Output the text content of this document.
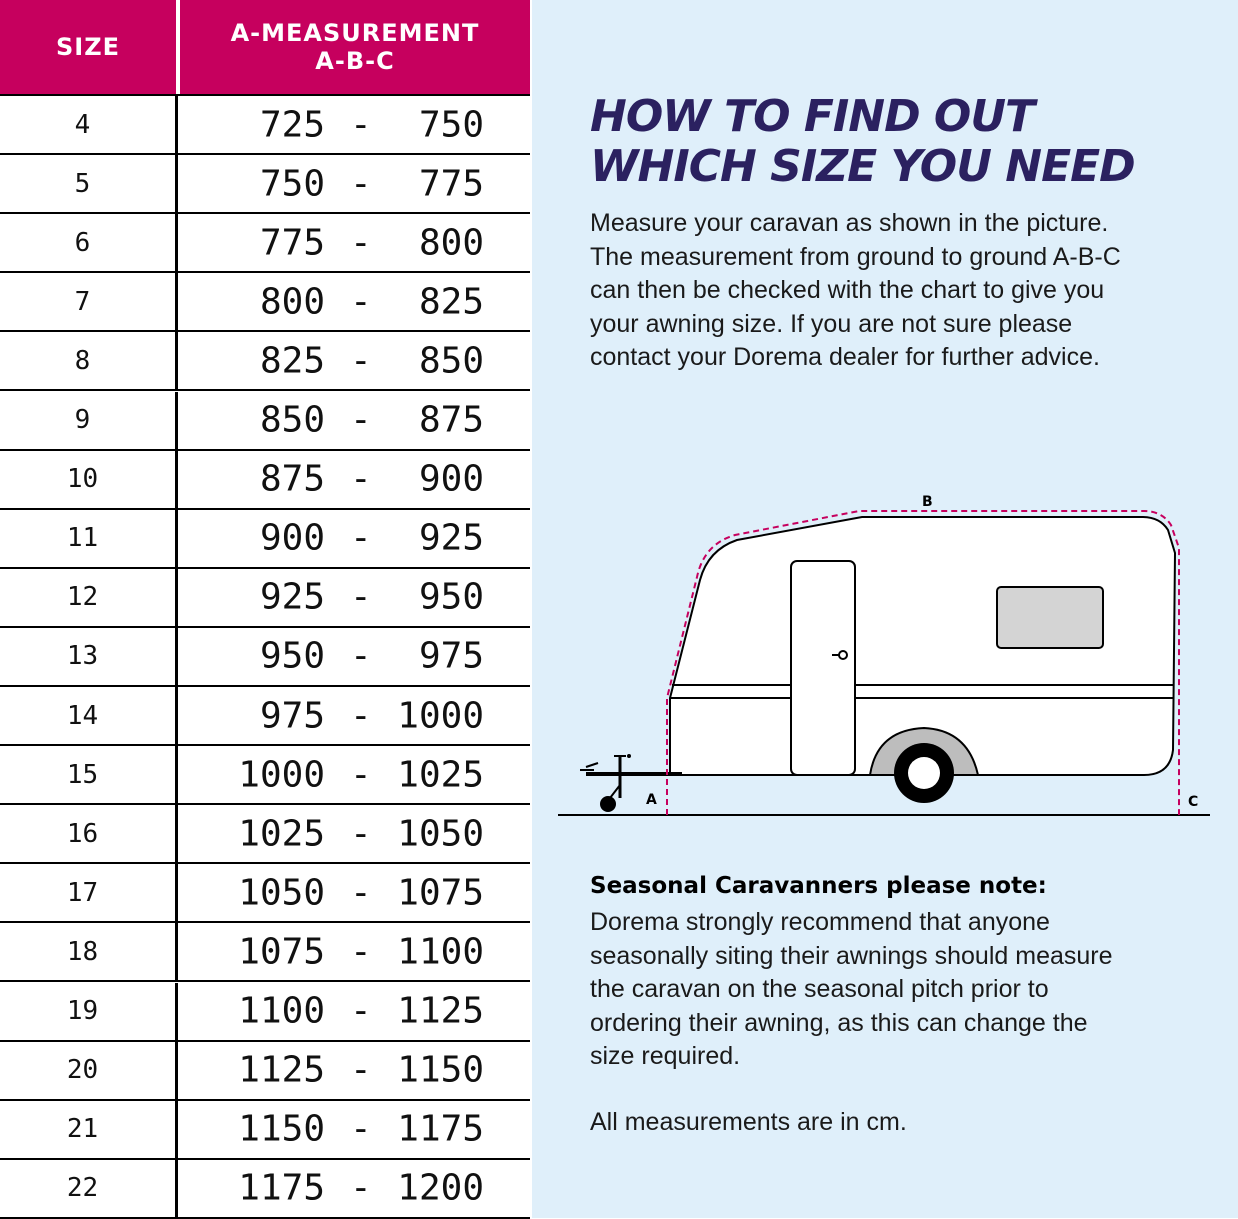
SIZE	A-MEASUREMENT
A-B-C
4	725 - 750
5	750 - 775
6	775 - 800
7	800 - 825
8	825 - 850
9	850 - 875
10	875 - 900
11	900 - 925
12	925 - 950
13	950 - 975
14	975 - 1000
15	1000 - 1025
16	1025 - 1050
17	1050 - 1075
18	1075 - 1100
19	1100 - 1125
20	1125 - 1150
21	1150 - 1175
22	1175 - 1200
HOW TO FIND OUT
WHICH SIZE YOU NEED

Measure your caravan as shown in the picture.
The measurement from ground to ground A-B-C
can then be checked with the chart to give you
your awning size. If you are not sure please
contact your Dorema dealer for further advice.

A
B
C

Seasonal Caravanners please note:

Dorema strongly recommend that anyone
seasonally siting their awnings should measure
the caravan on the seasonal pitch prior to
ordering their awning, as this can change the
size required.

All measurements are in cm.
